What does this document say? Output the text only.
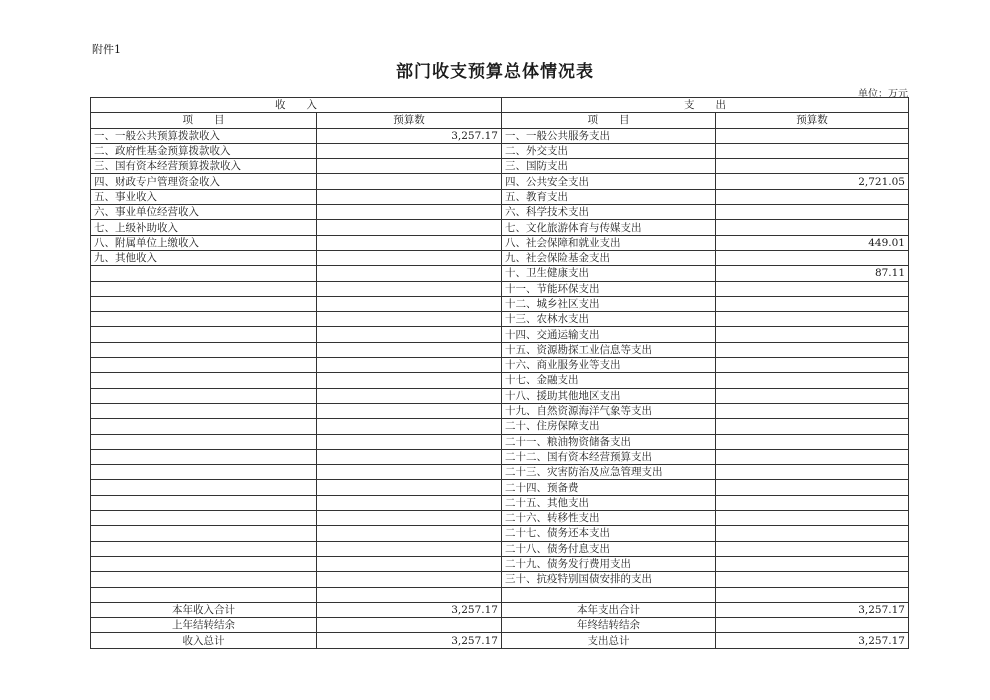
附件1
部门收支预算总体情况表
单位：万元
收　　入		支　　出	
项　　目	预算数	项　　目	预算数
一、一般公共预算拨款收入	3,257.17	一、一般公共服务支出	
二、政府性基金预算拨款收入		二、外交支出	
三、国有资本经营预算拨款收入		三、国防支出	
四、财政专户管理资金收入		四、公共安全支出	2,721.05
五、事业收入		五、教育支出	
六、事业单位经营收入		六、科学技术支出	
七、上级补助收入		七、文化旅游体育与传媒支出	
八、附属单位上缴收入		八、社会保障和就业支出	449.01
九、其他收入		九、社会保险基金支出	
		十、卫生健康支出	87.11
		十一、节能环保支出	
		十二、城乡社区支出	
		十三、农林水支出	
		十四、交通运输支出	
		十五、资源勘探工业信息等支出	
		十六、商业服务业等支出	
		十七、金融支出	
		十八、援助其他地区支出	
		十九、自然资源海洋气象等支出	
		二十、住房保障支出	
		二十一、粮油物资储备支出	
		二十二、国有资本经营预算支出	
		二十三、灾害防治及应急管理支出	
		二十四、预备费	
		二十五、其他支出	
		二十六、转移性支出	
		二十七、债务还本支出	
		二十八、债务付息支出	
		二十九、债务发行费用支出	
		三十、抗疫特别国债安排的支出	

本年收入合计	3,257.17	本年支出合计	3,257.17
上年结转结余		年终结转结余	
收入总计	3,257.17	支出总计	3,257.17
